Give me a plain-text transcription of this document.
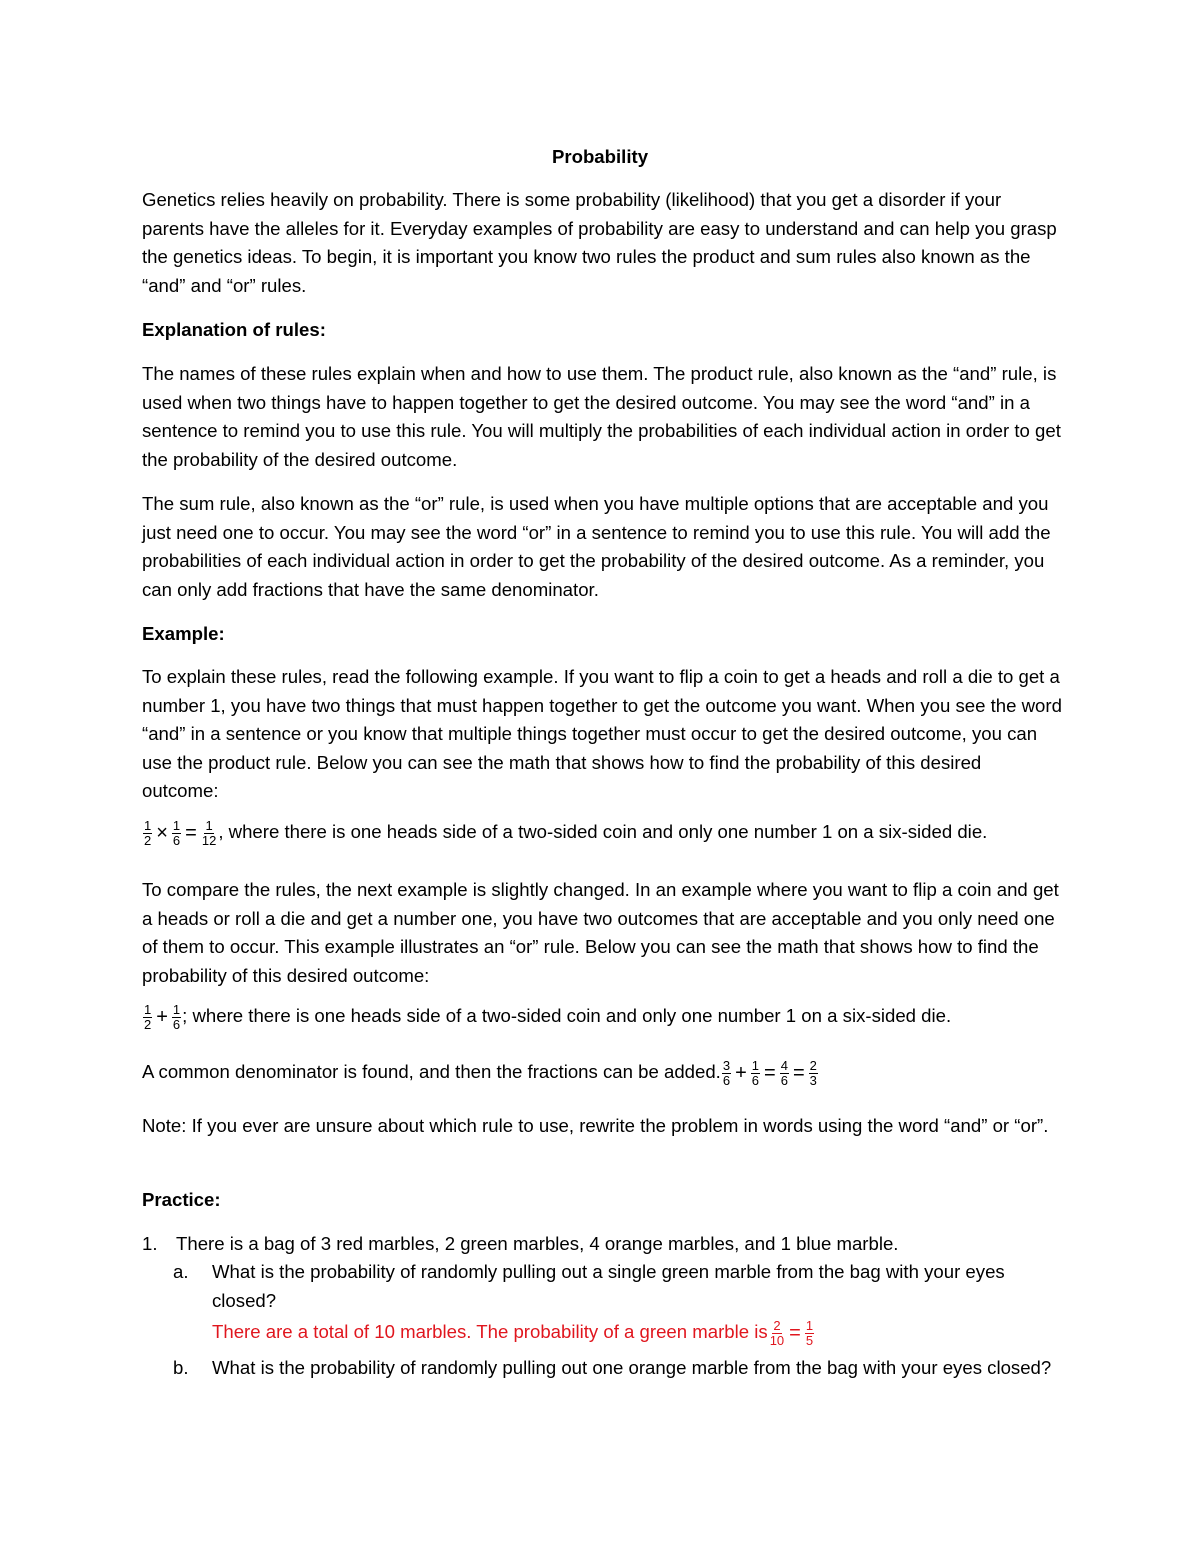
Probability

Genetics relies heavily on probability. There is some probability (likelihood) that you get a disorder if your parents have the alleles for it. Everyday examples of probability are easy to understand and can help you grasp the genetics ideas. To begin, it is important you know two rules the product and sum rules also known as the “and” and “or” rules.

Explanation of rules:

The names of these rules explain when and how to use them. The product rule, also known as the “and” rule, is used when two things have to happen together to get the desired outcome. You may see the word “and” in a sentence to remind you to use this rule. You will multiply the probabilities of each individual action in order to get the probability of the desired outcome.

The sum rule, also known as the “or” rule, is used when you have multiple options that are acceptable and you just need one to occur. You may see the word “or” in a sentence to remind you to use this rule. You will add the probabilities of each individual action in order to get the probability of the desired outcome. As a reminder, you can only add fractions that have the same denominator.

Example:

To explain these rules, read the following example. If you want to flip a coin to get a heads and roll a die to get a number 1, you have two things that must happen together to get the outcome you want. When you see the word “and” in a sentence or you know that multiple things together must occur to get the desired outcome, you can use the product rule. Below you can see the math that shows how to find the probability of this desired outcome:

$\frac{1}{2} \times \frac{1}{6} = \frac{1}{12}$ , where there is one heads side of a two-sided coin and only one number 1 on a six-sided die.

To compare the rules, the next example is slightly changed. In an example where you want to flip a coin and get a heads or roll a die and get a number one, you have two outcomes that are acceptable and you only need one of them to occur. This example illustrates an “or” rule. Below you can see the math that shows how to find the probability of this desired outcome:

$\frac{1}{2} + \frac{1}{6}$ ; where there is one heads side of a two-sided coin and only one number 1 on a six-sided die.
A common denominator is found, and then the fractions can be added. $\frac{3}{6} + \frac{1}{6} = \frac{4}{6} = \frac{2}{3}$

Note: If you ever are unsure about which rule to use, rewrite the problem in words using the word “and” or “or”.

Practice:
1. There is a bag of 3 red marbles, 2 green marbles, 4 orange marbles, and 1 blue marble.
a. What is the probability of randomly pulling out a single green marble from the bag with your eyes closed?
There are a total of 10 marbles. The probability of a green marble is $\frac{2}{10} = \frac{1}{5}$
b. What is the probability of randomly pulling out one orange marble from the bag with your eyes closed?
